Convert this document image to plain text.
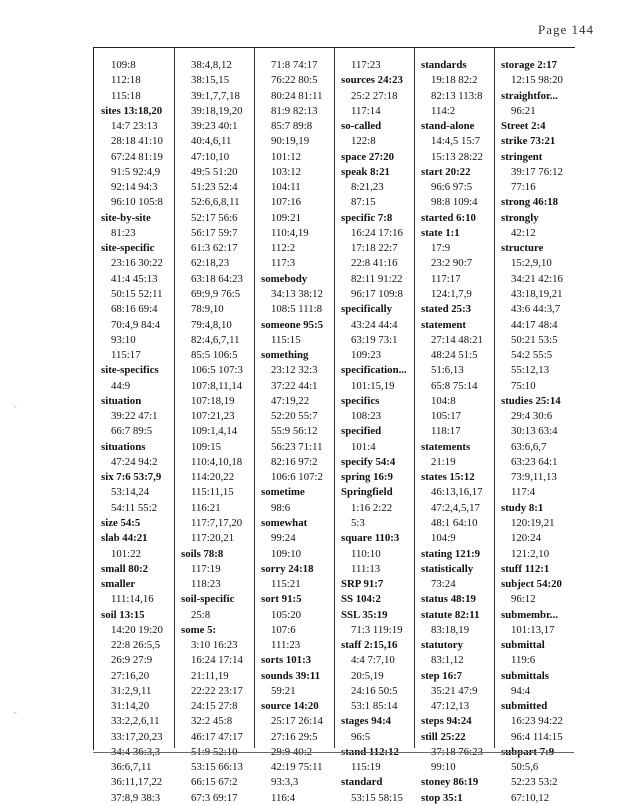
Page 144
109:8
112:18
115:18
sites 13:18,20
14:7 23:13
28:18 41:10
67:24 81:19
91:5 92:4,9
92:14 94:3
96:10 105:8
site-by-site
81:23
site-specific
23:16 30:22
41:4 45:13
50:15 52:11
68:16 69:4
70:4,9 84:4
93:10
115:17
site-specifics
44:9
situation
39:22 47:1
66:7 89:5
situations
47:24 94:2
six 7:6 53:7,9
53:14,24
54:11 55:2
size 54:5
slab 44:21
101:22
small 80:2
smaller
111:14,16
soil 13:15
14:20 19:20
22:8 26:5,5
26:9 27:9
27:16,20
31:2,9,11
31:14,20
33:2,2,6,11
33:17,20,23
34:4 36:3,3
36:6,7,11
36:11,17,22
37:8,9 38:3
38:4,8,12
38:15,15
39:1,7,7,18
39:18,19,20
39:23 40:1
40:4,6,11
47:10,10
49:5 51:20
51:23 52:4
52:6,6,8,11
52:17 56:6
56:17 59:7
61:3 62:17
62:18,23
63:18 64:23
69:9,9 76:5
78:9,10
79:4,8,10
82:4,6,7,11
85:5 106:5
106:5 107:3
107:8,11,14
107:18,19
107:21,23
109:1,4,14
109:15
110:4,10,18
114:20,22
115:11,15
116:21
117:7,17,20
117:20,21
soils 78:8
117:19
118:23
soil-specific
25:8
some 5:
3:10 16:23
16:24 17:14
21:11,19
22:22 23:17
24:15 27:8
32:2 45:8
46:17 47:17
51:9 52:10
53:15 66:13
66:15 67:2
67:3 69:17
71:8 74:17
76:22 80:5
80:24 81:11
81:9 82:13
85:7 89:8
90:19,19
101:12
103:12
104:11
107:16
109:21
110:4,19
112:2
117:3
somebody
34:13 38:12
108:5 111:8
someone 95:5
115:15
something
23:12 32:3
37:22 44:1
47:19,22
52:20 55:7
55:9 56:12
56:23 71:11
82:16 97:2
106:6 107:2
sometime
98:6
somewhat
99:24
109:10
sorry 24:18
115:21
sort 91:5
105:20
107:6
111:23
sorts 101:3
sounds 39:11
59:21
source 14:20
25:17 26:14
27:16 29:5
29:9 40:2
42:19 75:11
93:3,3
116:4
117:23
sources 24:23
25:2 27:18
117:14
so-called
122:8
space 27:20
speak 8:21
8:21,23
87:15
specific 7:8
16:24 17:16
17:18 22:7
22:8 41:16
82:11 91:22
96:17 109:8
specifically
43:24 44:4
63:19 73:1
109:23
specification...
101:15,19
specifics
108:23
specified
101:4
specify 54:4
spring 16:9
Springfield
1:16 2:22
5:3
square 110:3
110:10
111:13
SRP 91:7
SS 104:2
SSL 35:19
71:3 119:19
staff 2:15,16
4:4 7:7,10
20:5,19
24:16 50:5
53:1 85:14
stages 94:4
96:5
stand 112:12
115:19
standard
53:15 58:15
standards
19:18 82:2
82:13 113:8
114:2
stand-alone
14:4,5 15:7
15:13 28:22
start 20:22
96:6 97:5
98:8 109:4
started 6:10
state 1:1
17:9
23:2 90:7
117:17
124:1,7,9
stated 25:3
statement
27:14 48:21
48:24 51:5
51:6,13
65:8 75:14
104:8
105:17
118:17
statements
21:19
states 15:12
46:13,16,17
47:2,4,5,17
48:1 64:10
104:9
stating 121:9
statistically
73:24
status 48:19
statute 82:11
83:18,19
statutory
83:1,12
step 16:7
35:21 47:9
47:12,13
steps 94:24
still 25:22
37:18 76:23
99:10
stoney 86:19
stop 35:1
storage 2:17
12:15 98:20
straightfor...
96:21
Street 2:4
strike 73:21
stringent
39:17 76:12
77:16
strong 46:18
strongly
42:12
structure
15:2,9,10
34:21 42:16
43:18,19,21
43:6 44:3,7
44:17 48:4
50:21 53:5
54:2 55:5
55:12,13
75:10
studies 25:14
29:4 30:6
30:13 63:4
63:6,6,7
63:23 64:1
73:9,11,13
117:4
study 8:1
120:19,21
120:24
121:2,10
stuff 112:1
subject 54:20
96:12
submembr...
101:13,17
submittal
119:6
submittals
94:4
submitted
16:23 94:22
96:4 114:15
subpart 7:9
50:5,6
52:23 53:2
67:10,12
-
-
